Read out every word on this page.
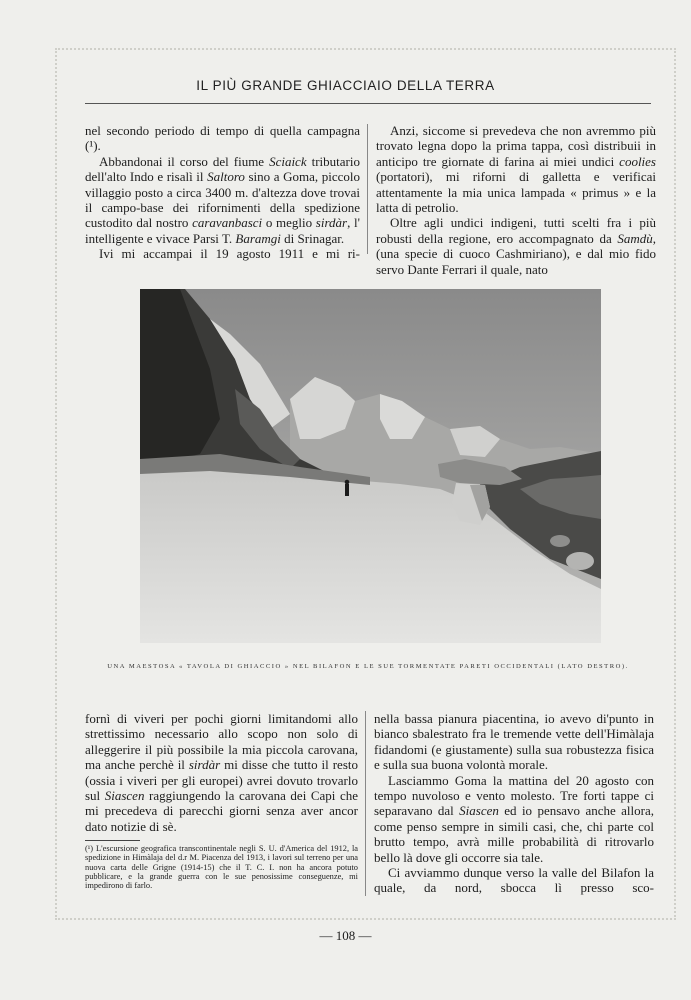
IL PIÙ GRANDE GHIACCIAIO DELLA TERRA

nel secondo periodo di tempo di quella campagna (¹).

Abbandonai il corso del fiume Sciaick tributario dell'alto Indo e risalì il Saltoro sino a Goma, piccolo villaggio posto a circa 3400 m. d'altezza dove trovai il campo-base dei rifornimenti della spedizione custodito dal nostro caravanbasci o meglio sirdàr, l' intelligente e vivace Parsi T. Baramgi di Srinagar.

Ivi mi accampai il 19 agosto 1911 e mi ri-

Anzi, siccome si prevedeva che non avremmo più trovato legna dopo la prima tappa, così distribuii in anticipo tre giornate di farina ai miei undici coolies (portatori), mi riforni di galletta e verificai attentamente la mia unica lampada « primus » e la latta di petrolio.

Oltre agli undici indigeni, tutti scelti fra i più robusti della regione, ero accompagnato da Samdù, (una specie di cuoco Cashmiriano), e dal mio fido servo Dante Ferrari il quale, nato

UNA MAESTOSA « TAVOLA DI GHIACCIO » NEL BILAFON E LE SUE TORMENTATE PARETI OCCIDENTALI (LATO DESTRO).

fornì di viveri per pochi giorni limitandomi allo strettissimo necessario allo scopo non solo di alleggerire il più possibile la mia piccola carovana, ma anche perchè il sirdàr mi disse che tutto il resto (ossia i viveri per gli europei) avrei dovuto trovarlo sul Siascen raggiungendo la carovana dei Capi che mi precedeva di parecchi giorni senza aver ancor dato notizie di sè.

(¹) L'escursione geografica transcontinentale negli S. U. d'America del 1912, la spedizione in Himàlaja del d.r M. Piacenza del 1913, i lavori sul terreno per una nuova carta delle Grigne (1914-15) che il T. C. I. non ha ancora potuto pubblicare, e la grande guerra con le sue penosissime conseguenze, mi impedirono di farlo.

nella bassa pianura piacentina, io avevo di'punto in bianco sbalestrato fra le tremende vette dell'Himàlaja fidandomi (e giustamente) sulla sua robustezza fisica e sulla sua buona volontà morale.

Lasciammo Goma la mattina del 20 agosto con tempo nuvoloso e vento molesto. Tre forti tappe ci separavano dal Siascen ed io pensavo anche allora, come penso sempre in simili casi, che, chi parte col brutto tempo, avrà mille probabilità di ritrovarlo bello là dove gli occorre sia tale.

Ci avviammo dunque verso la valle del Bilafon la quale, da nord, sbocca lì presso sco-

— 108 —
